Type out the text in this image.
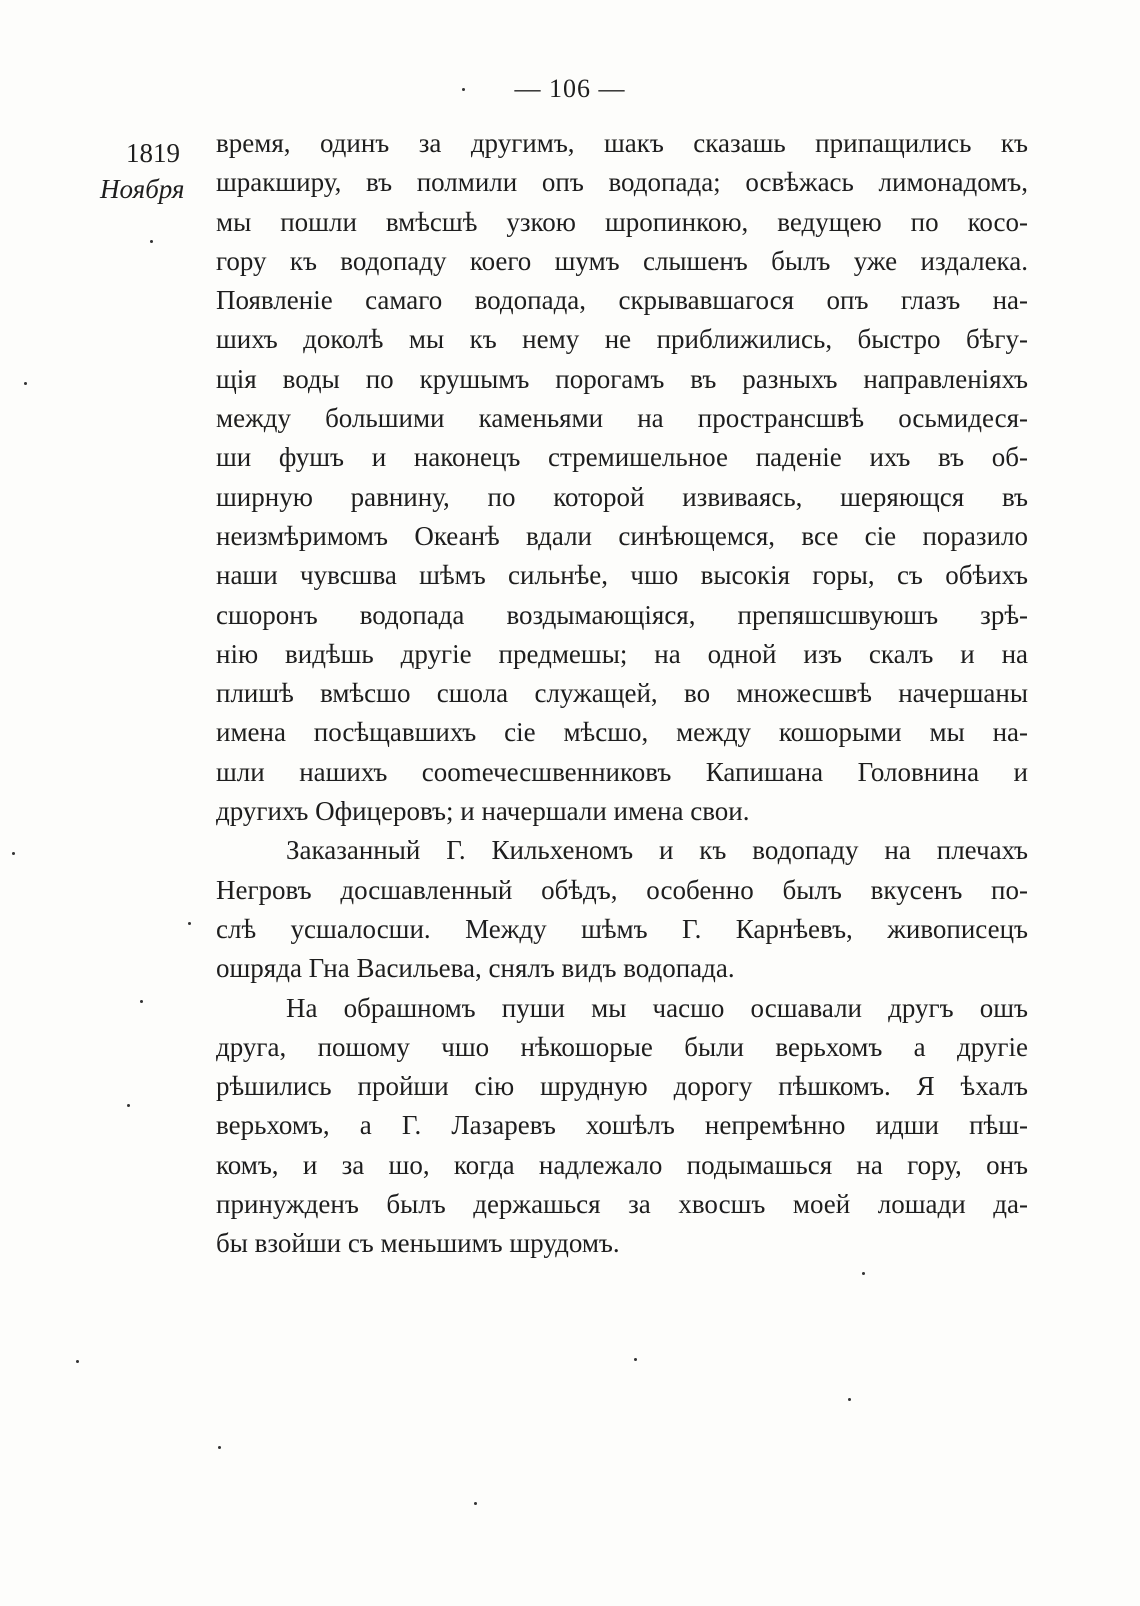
— 106 —
1819
Ноября
время, одинъ за другимъ, шакъ сказашь припащились къ
шракширу, въ полмили опъ водопада; освѣжась лимонадомъ,
мы пошли вмѣсшѣ узкою шропинкою, ведущею по косо-
гору къ водопаду коего шумъ слышенъ былъ уже издалека.
Появленіе самаго водопада, скрывавшагося опъ глазъ на-
шихъ доколѣ мы къ нему не приближились, быстро бѣгу-
щія воды по крушымъ порогамъ въ разныхъ направленіяхъ
между большими каменьями на пространсшвѣ осьмидеся-
ши фушъ и наконецъ стремишельное паденіе ихъ въ об-
ширную равнину, по которой извиваясь, шеряющся въ
неизмѣримомъ Океанѣ вдали синѣющемся, все сіе поразило
наши чувсшва шѣмъ сильнѣе, чшо высокія горы, съ обѣихъ
сшоронъ водопада воздымающіяся, препяшсшвуюшъ зрѣ-
нію видѣшь другіе предмешы; на одной изъ скалъ и на
плишѣ вмѣсшо сшола служащей, во множесшвѣ начершаны
имена посѣщавшихъ сіе мѣсшо, между кошорыми мы на-
шли нашихъ сооmечесшвенниковъ Капишана Головнина и
другихъ Офицеровъ; и начершали имена свои.
Заказанный Г. Кильхеномъ и къ водопаду на плечахъ
Негровъ досшавленный обѣдъ, особенно былъ вкусенъ по-
слѣ усшалосши. Между шѣмъ Г. Карнѣевъ, живописецъ
ошряда Гна Васильева, снялъ видъ водопада.
На обрашномъ пуши мы часшо осшавали другъ ошъ
друга, пошому чшо нѣкошорые были верьхомъ а другіе
рѣшились пройши сію шрудную дорогу пѣшкомъ. Я ѣхалъ
верьхомъ, а Г. Лазаревъ хошѣлъ непремѣнно идши пѣш-
комъ, и за шо, когда надлежало подымашься на гору, онъ
принужденъ былъ держашься за хвосшъ моей лошади да-
бы взойши съ меньшимъ шрудомъ.
